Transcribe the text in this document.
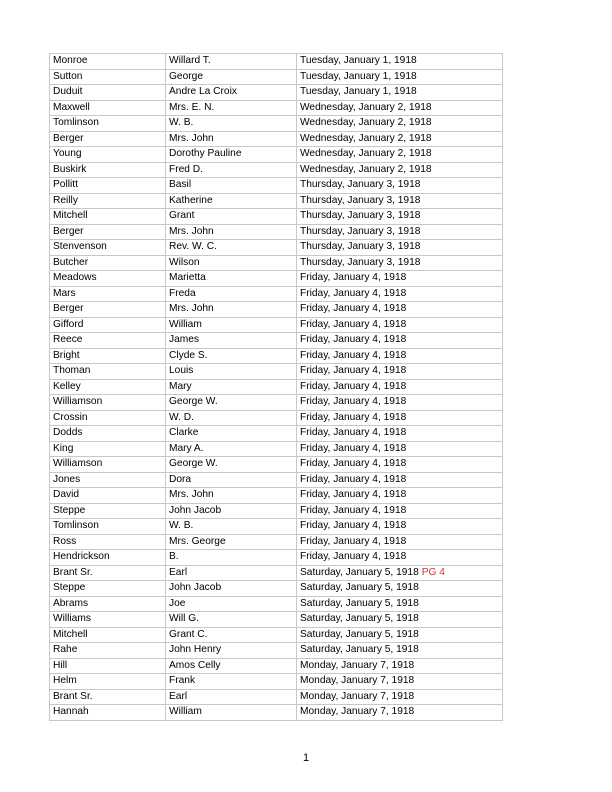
Monroe	Willard T.	Tuesday, January 1, 1918
Sutton	George	Tuesday, January 1, 1918
Duduit	Andre La Croix	Tuesday, January 1, 1918
Maxwell	Mrs. E. N.	Wednesday, January 2, 1918
Tomlinson	W. B.	Wednesday, January 2, 1918
Berger	Mrs. John	Wednesday, January 2, 1918
Young	Dorothy Pauline	Wednesday, January 2, 1918
Buskirk	Fred D.	Wednesday, January 2, 1918
Pollitt	Basil	Thursday, January 3, 1918
Reilly	Katherine	Thursday, January 3, 1918
Mitchell	Grant	Thursday, January 3, 1918
Berger	Mrs. John	Thursday, January 3, 1918
Stenvenson	Rev. W. C.	Thursday, January 3, 1918
Butcher	Wilson	Thursday, January 3, 1918
Meadows	Marietta	Friday, January 4, 1918
Mars	Freda	Friday, January 4, 1918
Berger	Mrs. John	Friday, January 4, 1918
Gifford	William	Friday, January 4, 1918
Reece	James	Friday, January 4, 1918
Bright	Clyde S.	Friday, January 4, 1918
Thoman	Louis	Friday, January 4, 1918
Kelley	Mary	Friday, January 4, 1918
Williamson	George W.	Friday, January 4, 1918
Crossin	W. D.	Friday, January 4, 1918
Dodds	Clarke	Friday, January 4, 1918
King	Mary A.	Friday, January 4, 1918
Williamson	George W.	Friday, January 4, 1918
Jones	Dora	Friday, January 4, 1918
David	Mrs. John	Friday, January 4, 1918
Steppe	John Jacob	Friday, January 4, 1918
Tomlinson	W. B.	Friday, January 4, 1918
Ross	Mrs. George	Friday, January 4, 1918
Hendrickson	B.	Friday, January 4, 1918
Brant Sr.	Earl	Saturday, January 5, 1918 PG 4
Steppe	John Jacob	Saturday, January 5, 1918
Abrams	Joe	Saturday, January 5, 1918
Williams	Will G.	Saturday, January 5, 1918
Mitchell	Grant C.	Saturday, January 5, 1918
Rahe	John Henry	Saturday, January 5, 1918
Hill	Amos Celly	Monday, January 7, 1918
Helm	Frank	Monday, January 7, 1918
Brant Sr.	Earl	Monday, January 7, 1918
Hannah	William	Monday, January 7, 1918
1
